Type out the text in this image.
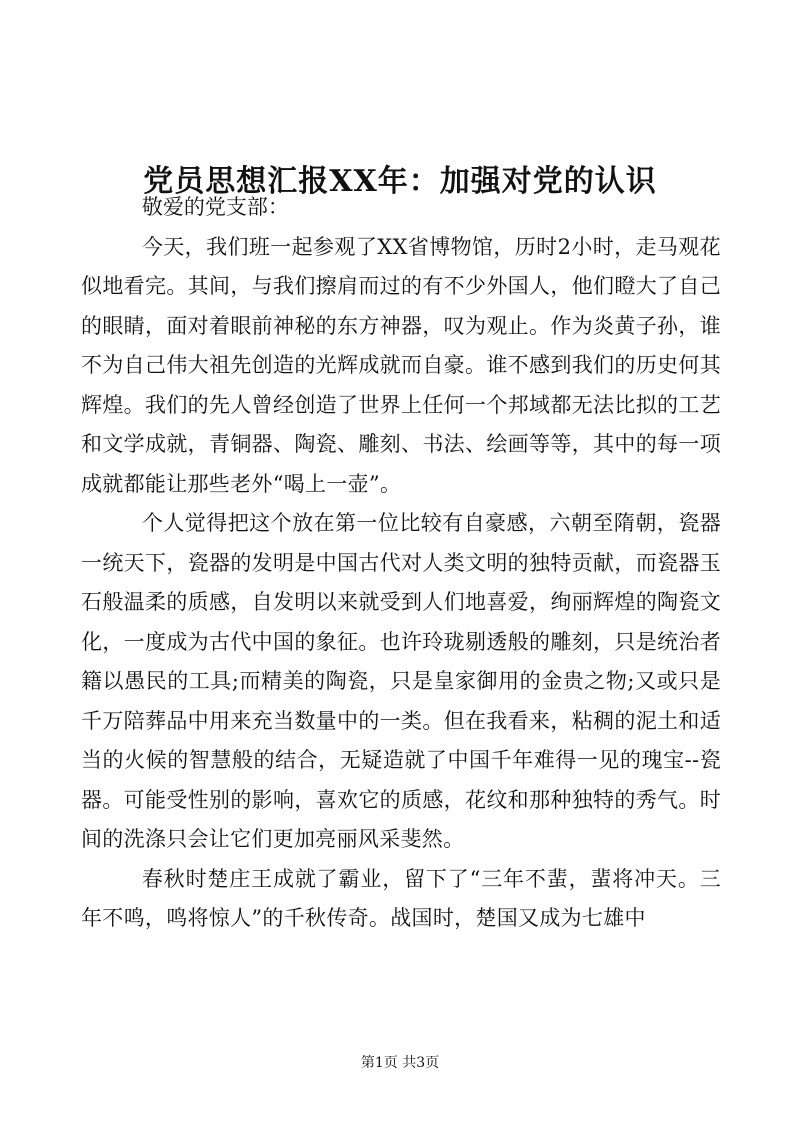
党员思想汇报XX年：加强对党的认识

敬爱的党支部：

今天，我们班一起参观了XX省博物馆，历时2小时，走马观花似地看完。其间，与我们擦肩而过的有不少外国人，他们瞪大了自己的眼睛，面对着眼前神秘的东方神器，叹为观止。作为炎黄子孙，谁不为自己伟大祖先创造的光辉成就而自豪。谁不感到我们的历史何其辉煌。我们的先人曾经创造了世界上任何一个邦域都无法比拟的工艺和文学成就，青铜器、陶瓷、雕刻、书法、绘画等等，其中的每一项成就都能让那些老外“喝上一壶”。

个人觉得把这个放在第一位比较有自豪感，六朝至隋朝，瓷器一统天下，瓷器的发明是中国古代对人类文明的独特贡献，而瓷器玉石般温柔的质感，自发明以来就受到人们地喜爱，绚丽辉煌的陶瓷文化，一度成为古代中国的象征。也许玲珑剔透般的雕刻，只是统治者籍以愚民的工具;而精美的陶瓷，只是皇家御用的金贵之物;又或只是千万陪葬品中用来充当数量中的一类。但在我看来，粘稠的泥土和适当的火候的智慧般的结合，无疑造就了中国千年难得一见的瑰宝--瓷器。可能受性别的影响，喜欢它的质感，花纹和那种独特的秀气。时间的洗涤只会让它们更加亮丽风采斐然。

春秋时楚庄王成就了霸业，留下了“三年不蜚，蜚将冲天。三年不鸣，鸣将惊人”的千秋传奇。战国时，楚国又成为七雄中

第1页 共3页
